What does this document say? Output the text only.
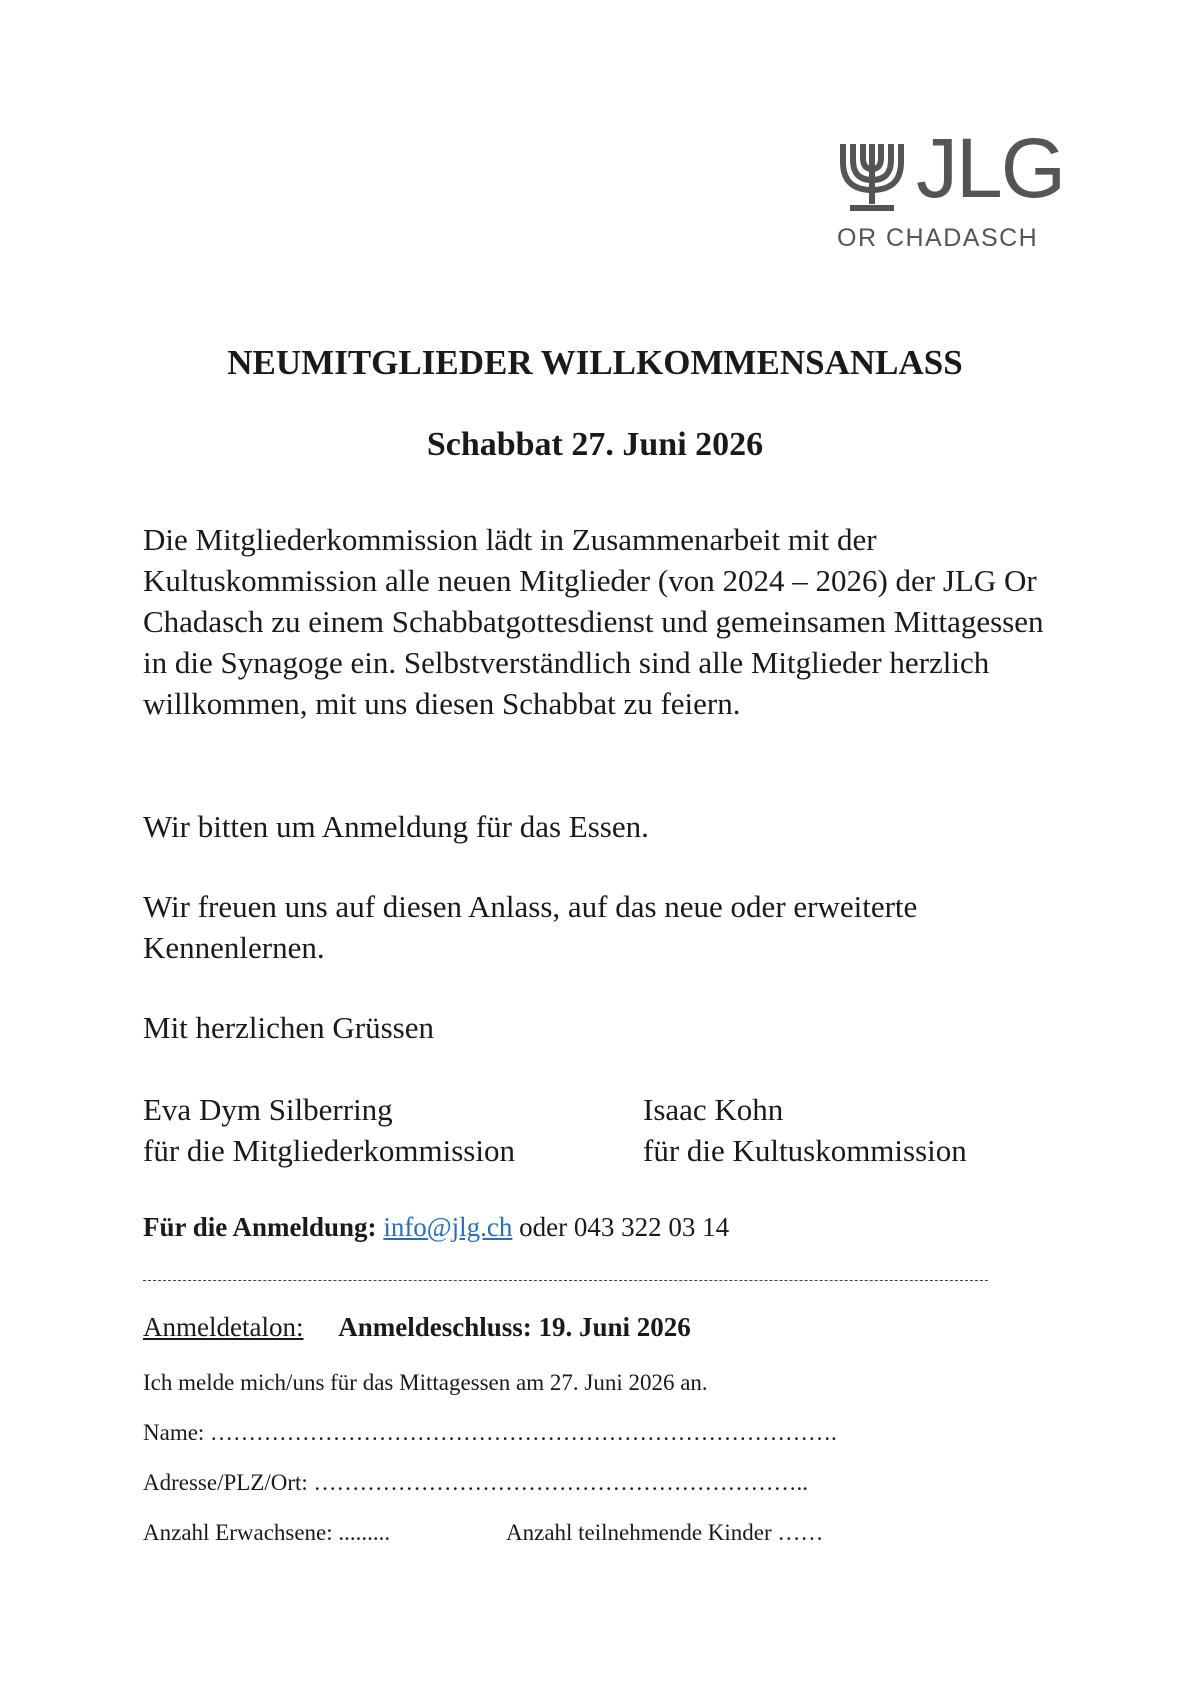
JLG
OR CHADASCH
NEUMITGLIEDER WILLKOMMENSANLASS
Schabbat 27. Juni 2026

Die Mitgliederkommission lädt in Zusammenarbeit mit der Kultuskommission alle neuen Mitglieder (von 2024 – 2026) der JLG Or Chadasch zu einem Schabbatgottesdienst und gemeinsamen Mittagessen in die Synagoge ein. Selbstverständlich sind alle Mitglieder herzlich willkommen, mit uns diesen Schabbat zu feiern.

Wir bitten um Anmeldung für das Essen.

Wir freuen uns auf diesen Anlass, auf das neue oder erweiterte Kennenlernen.

Mit herzlichen Grüssen

Eva Dym Silberring
für die Mitgliederkommission
Isaac Kohn
für die Kultuskommission
Für die Anmeldung: info@jlg.ch oder 043 322 03 14
Anmeldetalon: Anmeldeschluss: 19. Juni 2026
Ich melde mich/uns für das Mittagessen am 27. Juni 2026 an.
Name: ……………………………………………………………………….
Adresse/PLZ/Ort: ………………………………………………………..
Anzahl Erwachsene: .........	Anzahl teilnehmende Kinder ……
